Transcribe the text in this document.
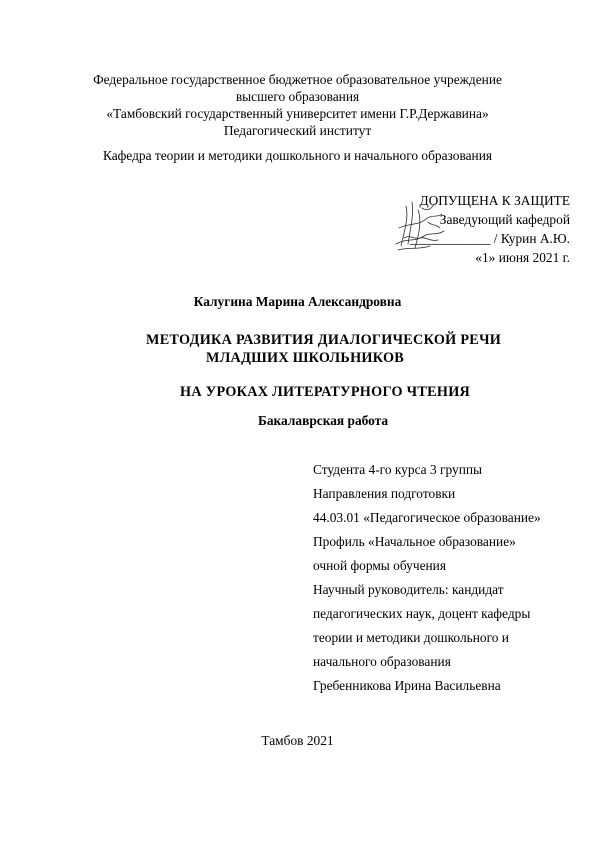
Федеральное государственное бюджетное образовательное учреждение
высшего образования
«Тамбовский государственный университет имени Г.Р.Державина»
Педагогический институт
Кафедра теории и методики дошкольного и начального образования
ДОПУЩЕНА К ЗАЩИТЕ
Заведующий кафедрой
____________ / Курин А.Ю.
«1» июня 2021 г.
Калугина Марина Александровна
МЕТОДИКА РАЗВИТИЯ ДИАЛОГИЧЕСКОЙ РЕЧИ
МЛАДШИХ ШКОЛЬНИКОВ
НА УРОКАХ ЛИТЕРАТУРНОГО ЧТЕНИЯ
Бакалаврская работа
Студента 4-го курса 3 группы
Направления подготовки
44.03.01 «Педагогическое образование»
Профиль «Начальное образование»
очной формы обучения
Научный руководитель: кандидат
педагогических наук, доцент кафедры
теории и методики дошкольного и
начального образования
Гребенникова Ирина Васильевна
Тамбов 2021
